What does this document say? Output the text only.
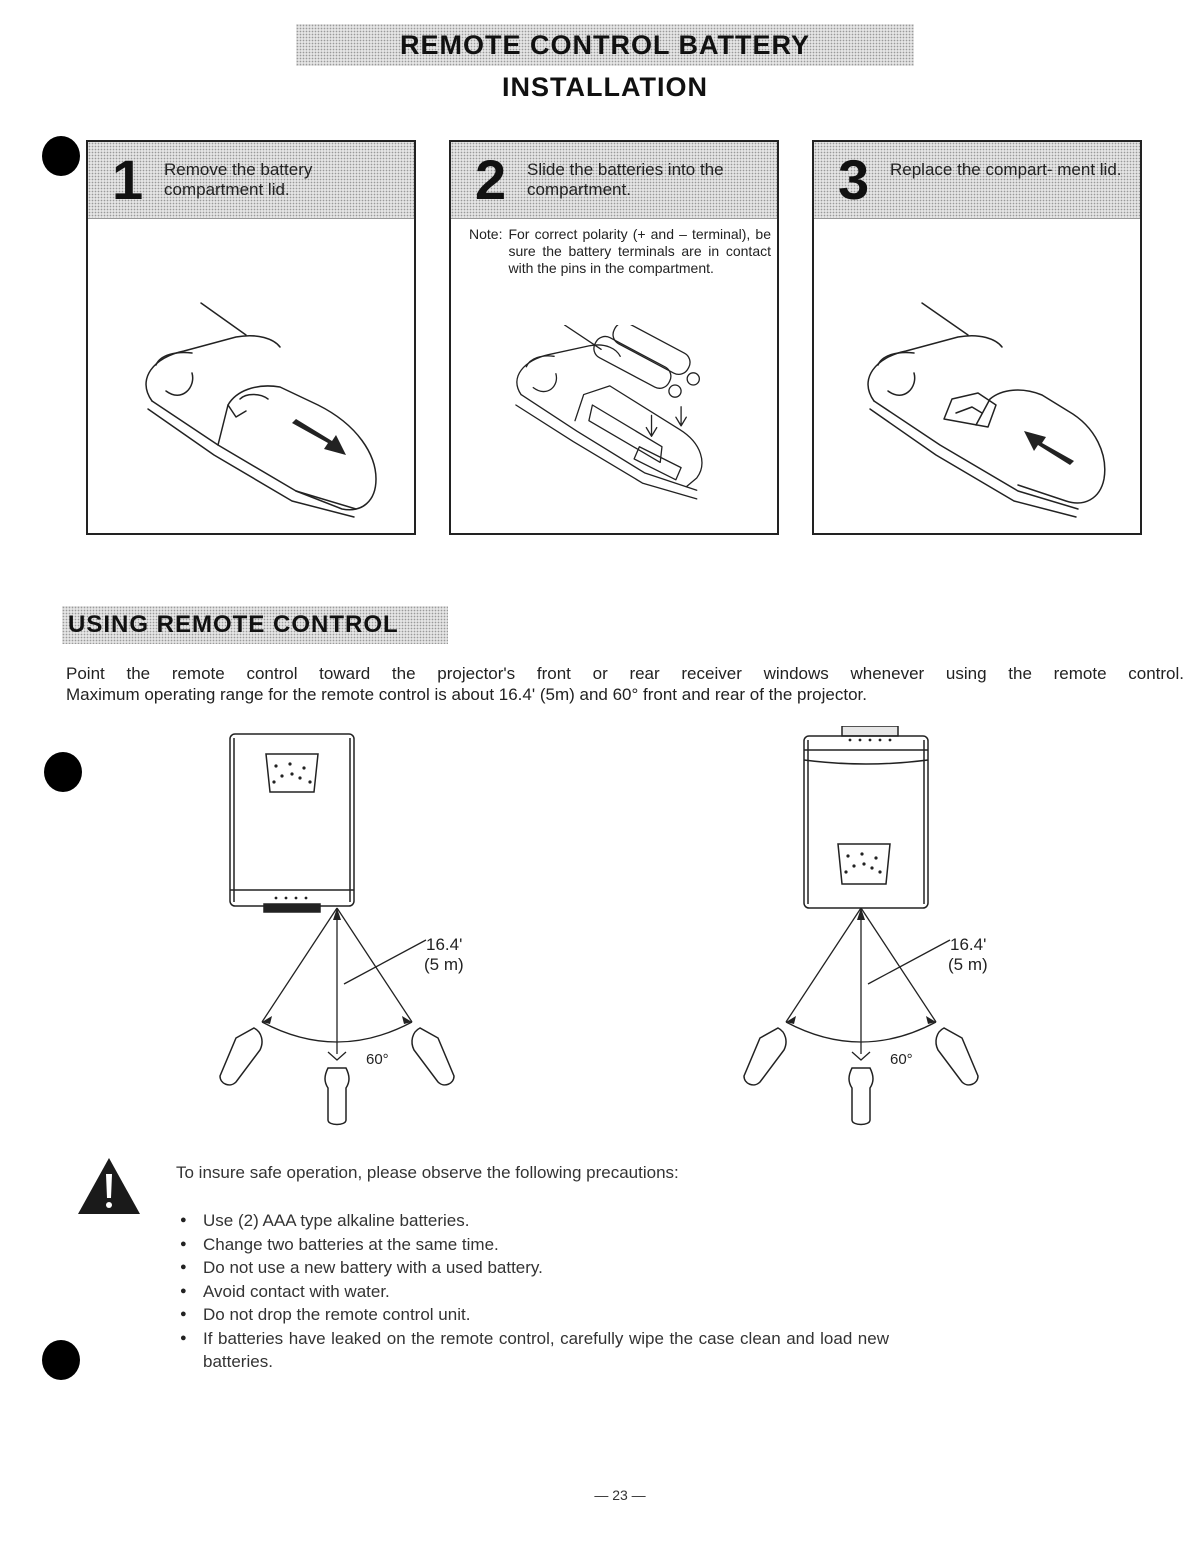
REMOTE CONTROL BATTERY INSTALLATION
1 Remove the battery compartment lid.	2 Slide the batteries into the compartment.
Note: For correct polarity (+ and – terminal), be sure the battery terminals are in contact with the pins in the compartment.
3 Replace the compart- ment lid.
USING REMOTE CONTROL

Point the remote control toward the projector's front or rear receiver windows whenever using the remote control.

Maximum operating range for the remote control is about 16.4' (5m) and 60° front and rear of the projector.

16.4'
(5 m)
60°
16.4'
(5 m)
60°

To insure safe operation, please observe the following precautions:

● Use (2) AAA type alkaline batteries.
● Change two batteries at the same time.
● Do not use a new battery with a used battery.
● Avoid contact with water.
● Do not drop the remote control unit.
● If batteries have leaked on the remote control, carefully wipe the case clean and load new batteries.
— 23 —
